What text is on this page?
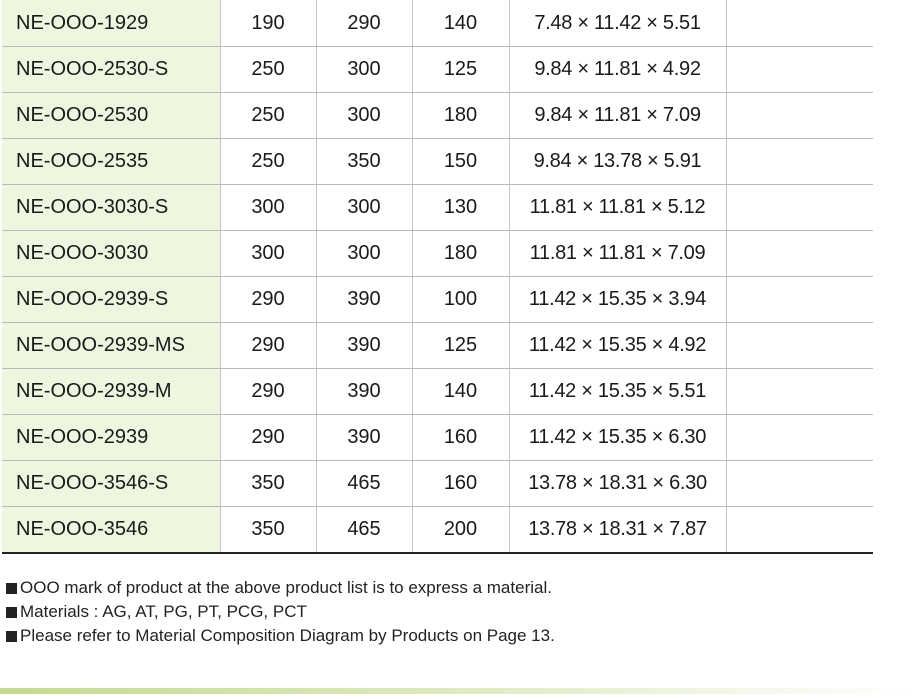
NE-OOO-1929	190	290	140	7.48 × 11.42 × 5.51	
NE-OOO-2530-S	250	300	125	9.84 × 11.81 × 4.92	
NE-OOO-2530	250	300	180	9.84 × 11.81 × 7.09	
NE-OOO-2535	250	350	150	9.84 × 13.78 × 5.91	
NE-OOO-3030-S	300	300	130	11.81 × 11.81 × 5.12	
NE-OOO-3030	300	300	180	11.81 × 11.81 × 7.09	
NE-OOO-2939-S	290	390	100	11.42 × 15.35 × 3.94	
NE-OOO-2939-MS	290	390	125	11.42 × 15.35 × 4.92	
NE-OOO-2939-M	290	390	140	11.42 × 15.35 × 5.51	
NE-OOO-2939	290	390	160	11.42 × 15.35 × 6.30	
NE-OOO-3546-S	350	465	160	13.78 × 18.31 × 6.30	
NE-OOO-3546	350	465	200	13.78 × 18.31 × 7.87	
OOO mark of product at the above product list is to express a material.
Materials : AG, AT, PG, PT, PCG, PCT
Please refer to Material Composition Diagram by Products on Page 13.
